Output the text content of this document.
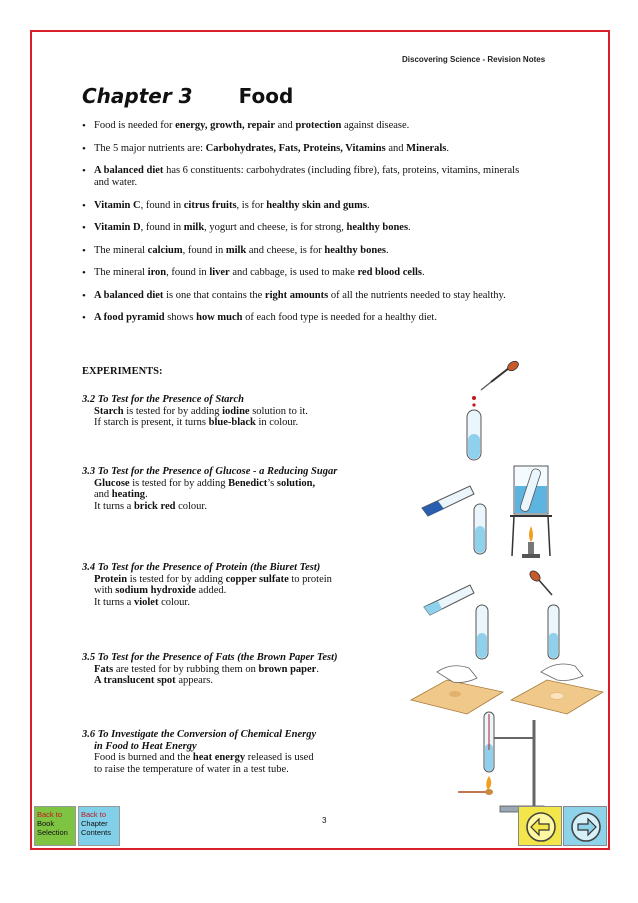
Discovering Science - Revision Notes
Chapter 3 Food
• Food is needed for energy, growth, repair and protection against disease.
• The 5 major nutrients are: Carbohydrates, Fats, Proteins, Vitamins and Minerals.
• A balanced diet has 6 constituents: carbohydrates (including fibre), fats, proteins, vitamins, minerals and water.
• Vitamin C, found in citrus fruits, is for healthy skin and gums.
• Vitamin D, found in milk, yogurt and cheese, is for strong, healthy bones.
• The mineral calcium, found in milk and cheese, is for healthy bones.
• The mineral iron, found in liver and cabbage, is used to make red blood cells.
• A balanced diet is one that contains the right amounts of all the nutrients needed to stay healthy.
• A food pyramid shows how much of each food type is needed for a healthy diet.
EXPERIMENTS:
3.2 To Test for the Presence of Starch
Starch is tested for by adding iodine solution to it.
If starch is present, it turns blue-black in colour.
3.3 To Test for the Presence of Glucose - a Reducing Sugar
Glucose is tested for by adding Benedict’s solution,
and heating.
It turns a brick red colour.
3.4 To Test for the Presence of Protein (the Biuret Test)
Protein is tested for by adding copper sulfate to protein
with sodium hydroxide added.
It turns a violet colour.
3.5 To Test for the Presence of Fats (the Brown Paper Test)
Fats are tested for by rubbing them on brown paper.
A translucent spot appears.
3.6 To Investigate the Conversion of Chemical Energy
in Food to Heat Energy
Food is burned and the heat energy released is used
to raise the temperature of water in a test tube.
3
Back to
Book
Selection
Back to
Chapter
Contents
